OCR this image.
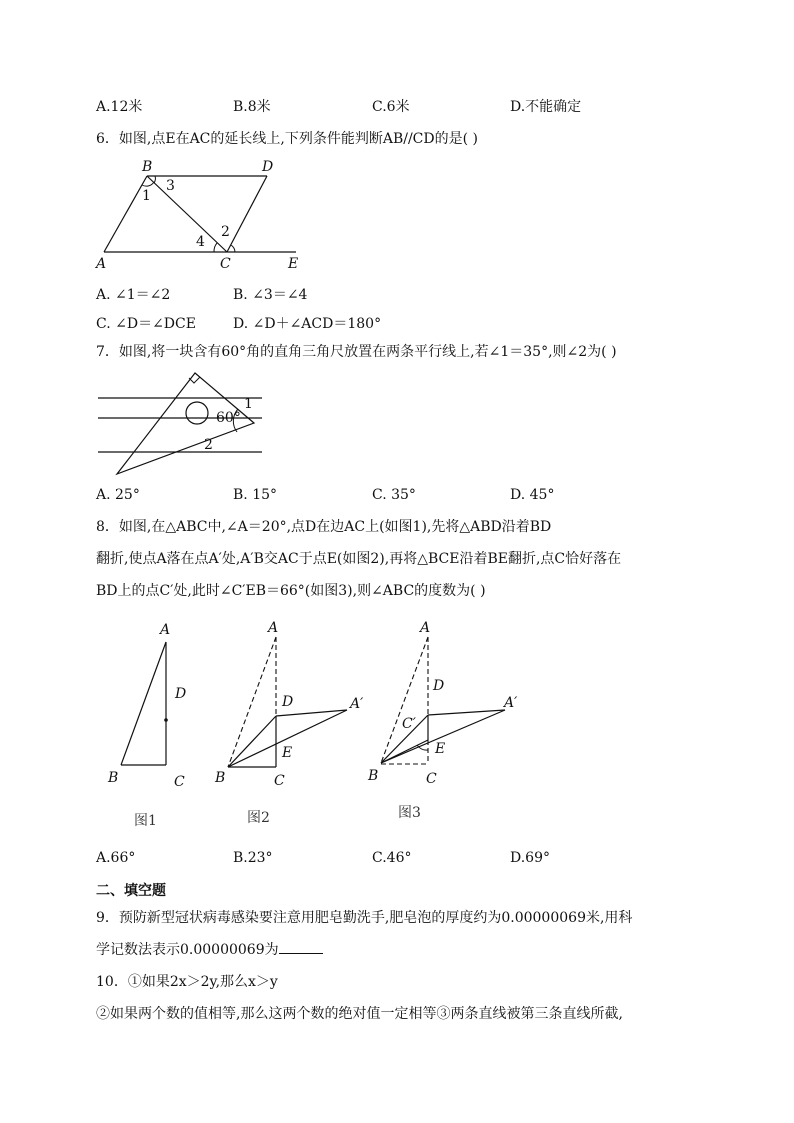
A.12米	B.8米	C.6米	D.不能确定
6．如图,点E在AC的延长线上,下列条件能判断AB//CD的是( )
B	D
A	C	E
1
3
4
2
A. ∠1＝∠2	B. ∠3＝∠4
C. ∠D＝∠DCE	D. ∠D＋∠ACD＝180°
7．如图,将一块含有60°角的直角三角尺放置在两条平行线上,若∠1＝35°,则∠2为( )
60°
1
2
A. 25°	B. 15°	C. 35°	D. 45°
8．如图,在△ABC中,∠A＝20°,点D在边AC上(如图1),先将△ABD沿着BD
翻折,使点A落在点A′处,A′B交AC于点E(如图2),再将△BCE沿着BE翻折,点C恰好落在
BD上的点C′处,此时∠C′EB＝66°(如图3),则∠ABC的度数为( )
A
D
B	C
图1
A
D	A′
E
B	C
图2
A
D
C′
A′
E
B	C
图3
A.66°	B.23°	C.46°	D.69°
二、填空题
9．预防新型冠状病毒感染要注意用肥皂勤洗手,肥皂泡的厚度约为0.00000069米,用科
学记数法表示0.00000069为
10．①如果2x＞2y,那么x＞y
②如果两个数的值相等,那么这两个数的绝对值一定相等③两条直线被第三条直线所截,
